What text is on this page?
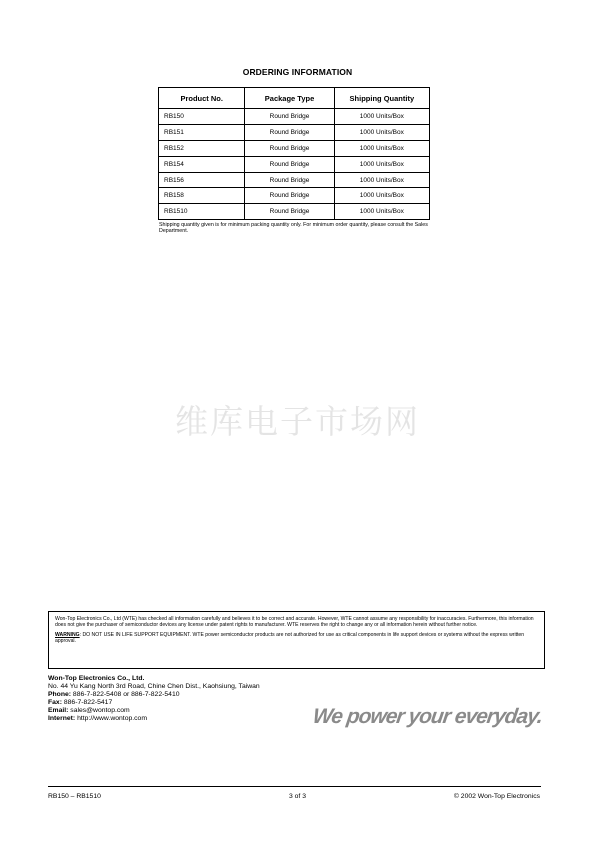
ORDERING INFORMATION
Product No.	Package Type	Shipping Quantity
RB150	Round Bridge	1000 Units/Box
RB151	Round Bridge	1000 Units/Box
RB152	Round Bridge	1000 Units/Box
RB154	Round Bridge	1000 Units/Box
RB156	Round Bridge	1000 Units/Box
RB158	Round Bridge	1000 Units/Box
RB1510	Round Bridge	1000 Units/Box
Shipping quantity given is for minimum packing quantity only. For minimum order quantity, please consult the Sales Department.
维库电子市场网

Won-Top Electronics Co., Ltd (WTE) has checked all information carefully and believes it to be correct and accurate. However, WTE cannot assume any responsibility for inaccuracies. Furthermore, this information does not give the purchaser of semiconductor devices any license under patent rights to manufacturer. WTE reserves the right to change any or all information herein without further notice.

WARNING: DO NOT USE IN LIFE SUPPORT EQUIPMENT. WTE power semiconductor products are not authorized for use as critical components in life support devices or systems without the express written approval.

Won-Top Electronics Co., Ltd.
No. 44 Yu Kang North 3rd Road, Chine Chen Dist., Kaohsiung, Taiwan
Phone: 886-7-822-5408 or 886-7-822-5410
Fax: 886-7-822-5417
Email: sales@wontop.com
Internet: http://www.wontop.com	We power your everyday.
RB150 – RB1510	3 of 3	© 2002 Won-Top Electronics
